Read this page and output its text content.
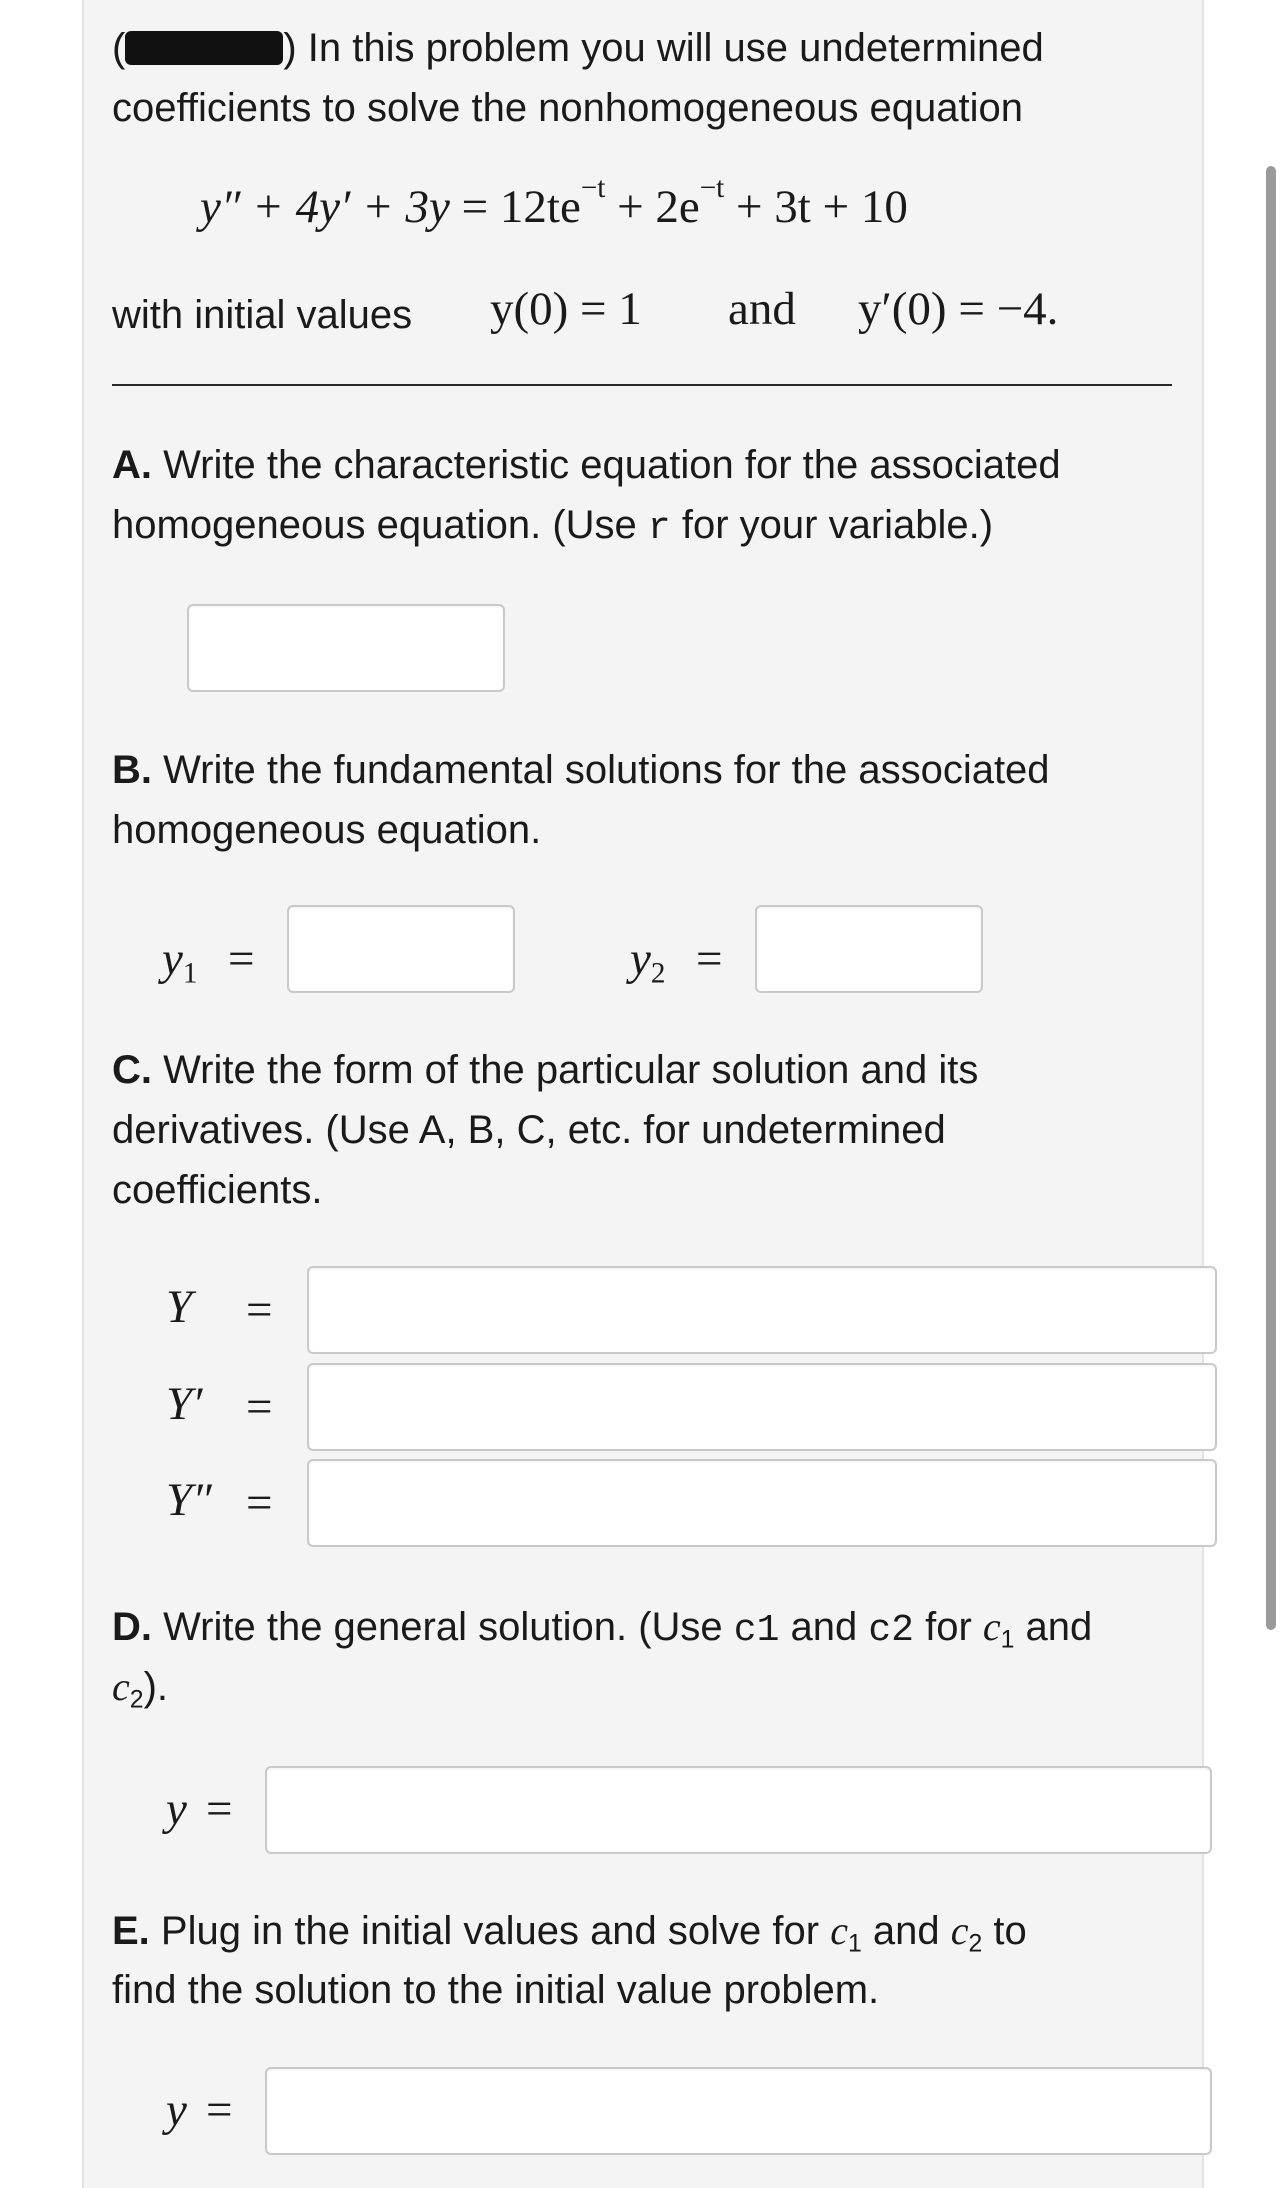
(	) In this problem you will use undetermined
coefficients to solve the nonhomogeneous equation
$y'' + 4y' + 3y = 12te^{-t} + 2e^{-t} + 3t + 10$
with initial values y(0) = 1 and y′(0) = −4.
A. Write the characteristic equation for the associated
homogeneous equation. (Use r for your variable.)
B. Write the fundamental solutions for the associated
homogeneous equation.
$y_1$ =	$y_2$ =
C. Write the form of the particular solution and its
derivatives. (Use A, B, C, etc. for undetermined
coefficients.
Y =
Y′ =
Y″ =
D. Write the general solution. (Use c1 and c2 for $c_1$ and
$c_2$).
y =
E. Plug in the initial values and solve for $c_1$ and $c_2$ to
find the solution to the initial value problem.
y =
